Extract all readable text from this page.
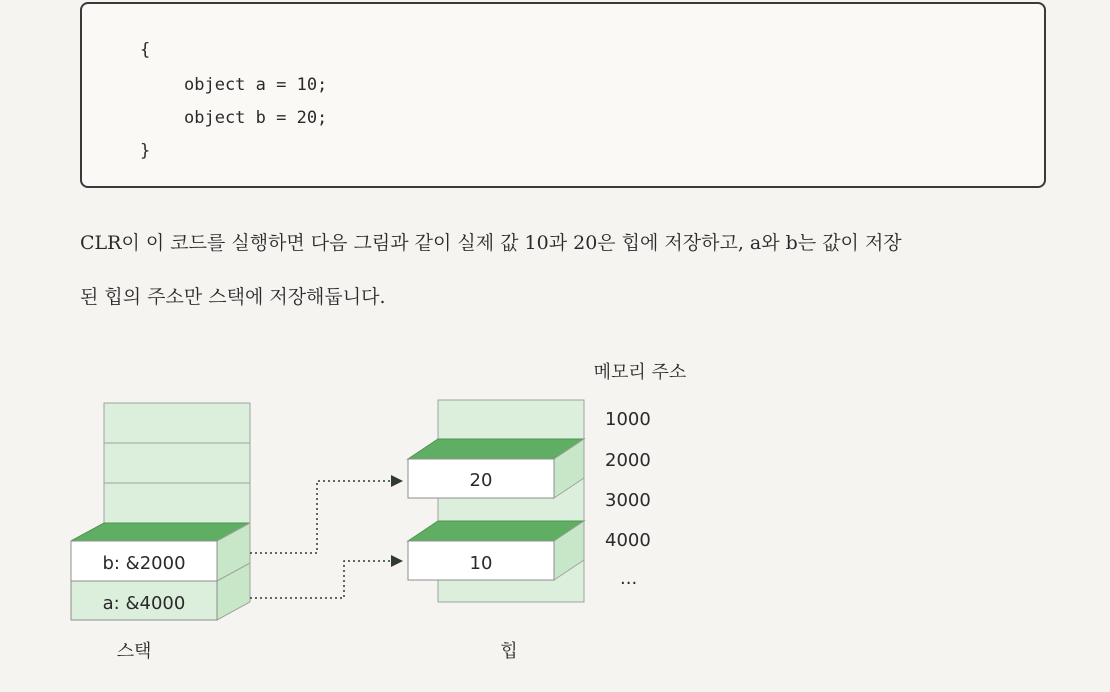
{
object a = 10;
object b = 20;
}
CLR이 이 코드를 실행하면 다음 그림과 같이 실제 값 10과 20은 힙에 저장하고, a와 b는 값이 저장
된 힙의 주소만 스택에 저장해둡니다.
b: &2000
a: &4000
스택
20
10
힙
메모리 주소
1000
2000
3000
4000
...
